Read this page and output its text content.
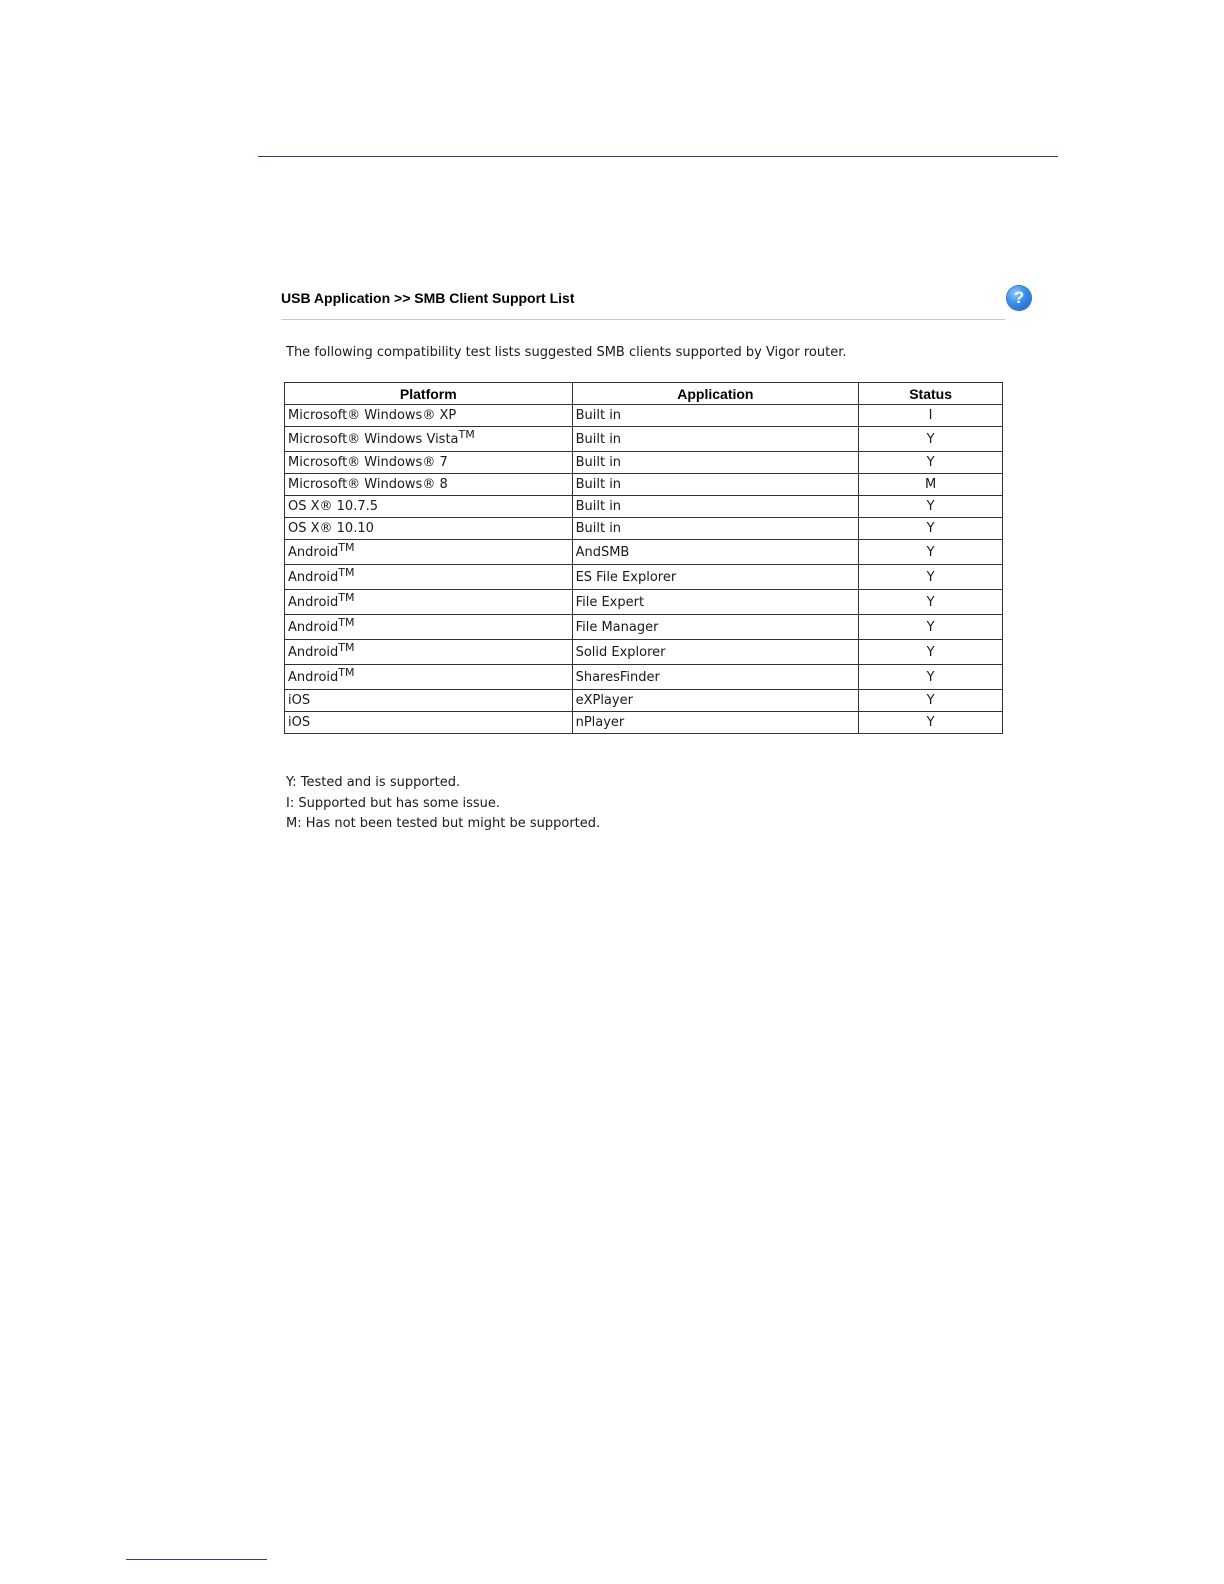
USB Application >> SMB Client Support List	?
The following compatibility test lists suggested SMB clients supported by Vigor router.
Platform	Application	Status
Microsoft® Windows® XP	Built in	I
Microsoft® Windows Vista™	Built in	Y
Microsoft® Windows® 7	Built in	Y
Microsoft® Windows® 8	Built in	M
OS X® 10.7.5	Built in	Y
OS X® 10.10	Built in	Y
Android™	AndSMB	Y
Android™	ES File Explorer	Y
Android™	File Expert	Y
Android™	File Manager	Y
Android™	Solid Explorer	Y
Android™	SharesFinder	Y
iOS	eXPlayer	Y
iOS	nPlayer	Y
Y: Tested and is supported.
I: Supported but has some issue.
M: Has not been tested but might be supported.
